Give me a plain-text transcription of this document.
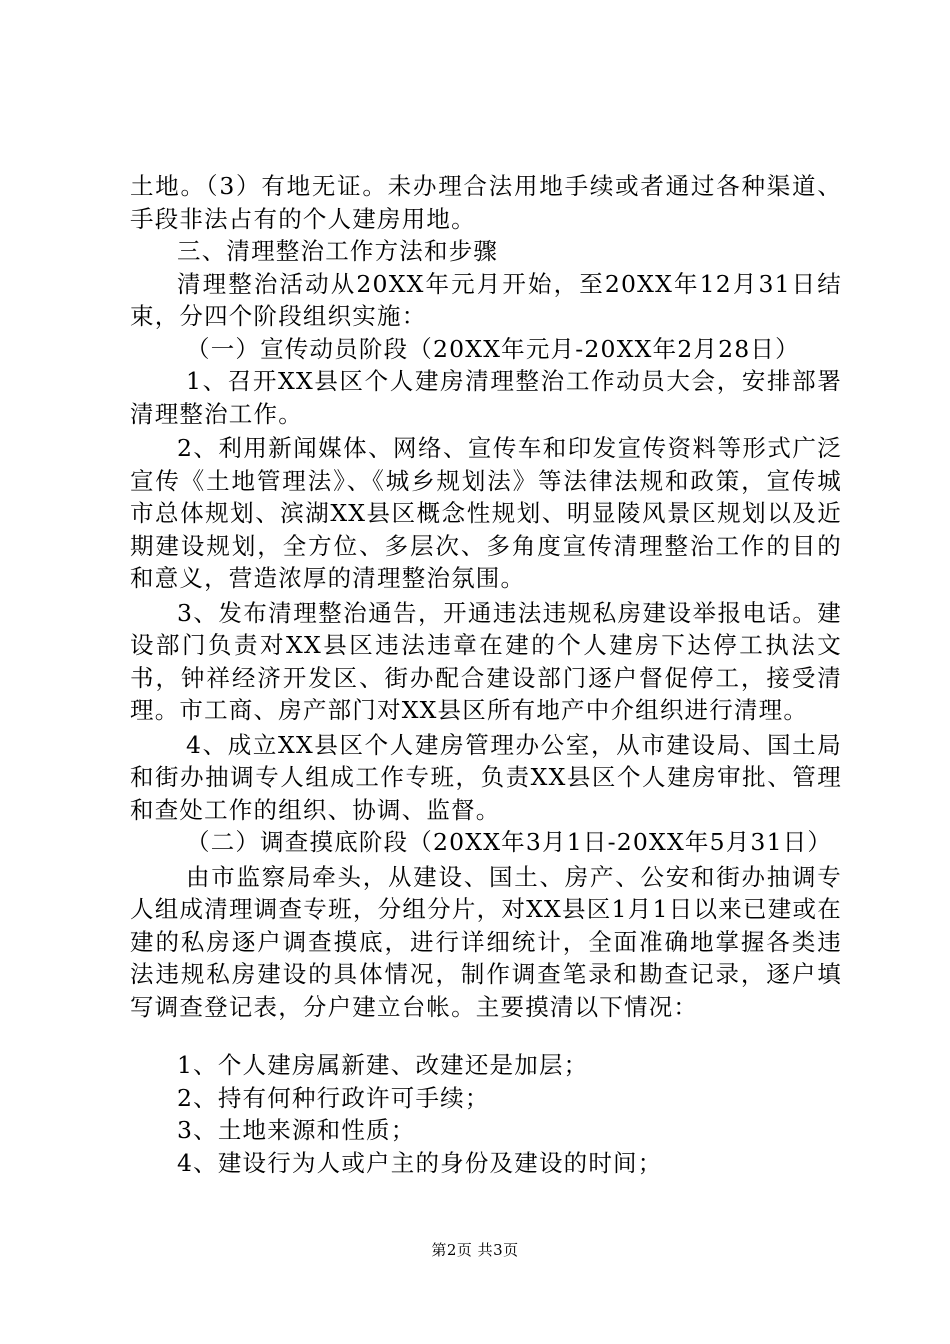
土地。（3）有地无证。未办理合法用地手续或者通过各种渠道、手段非法占有的个人建房用地。

三、清理整治工作方法和步骤

清理整治活动从20XX年元月开始，至20XX年12月31日结束，分四个阶段组织实施：

（一）宣传动员阶段（20XX年元月-20XX年2月28日）

1、召开XX县区个人建房清理整治工作动员大会，安排部署清理整治工作。

2、利用新闻媒体、网络、宣传车和印发宣传资料等形式广泛宣传《土地管理法》、《城乡规划法》等法律法规和政策，宣传城市总体规划、滨湖XX县区概念性规划、明显陵风景区规划以及近期建设规划，全方位、多层次、多角度宣传清理整治工作的目的和意义，营造浓厚的清理整治氛围。

3、发布清理整治通告，开通违法违规私房建设举报电话。建设部门负责对XX县区违法违章在建的个人建房下达停工执法文书，钟祥经济开发区、街办配合建设部门逐户督促停工，接受清理。市工商、房产部门对XX县区所有地产中介组织进行清理。

4、成立XX县区个人建房管理办公室，从市建设局、国土局和街办抽调专人组成工作专班，负责XX县区个人建房审批、管理和查处工作的组织、协调、监督。

（二）调查摸底阶段（20XX年3月1日-20XX年5月31日）

由市监察局牵头，从建设、国土、房产、公安和街办抽调专人组成清理调查专班，分组分片，对XX县区1月1日以来已建或在建的私房逐户调查摸底，进行详细统计，全面准确地掌握各类违法违规私房建设的具体情况，制作调查笔录和勘查记录，逐户填写调查登记表，分户建立台帐。主要摸清以下情况：

1、个人建房属新建、改建还是加层；

2、持有何种行政许可手续；

3、土地来源和性质；

4、建设行为人或户主的身份及建设的时间；

第2页 共3页
